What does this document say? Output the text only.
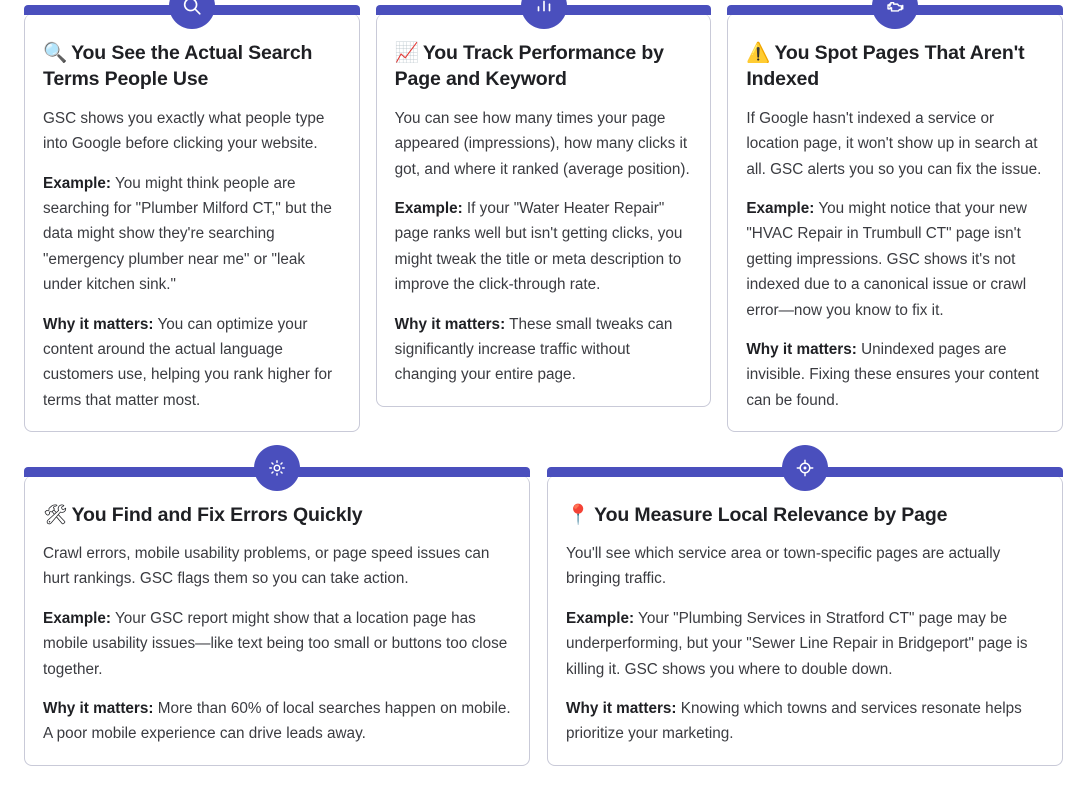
🔍 You See the Actual Search Terms People Use

GSC shows you exactly what people type into Google before clicking your website.

Example: You might think people are searching for "Plumber Milford CT," but the data might show they're searching "emergency plumber near me" or "leak under kitchen sink."

Why it matters: You can optimize your content around the actual language customers use, helping you rank higher for terms that matter most.

📈 You Track Performance by Page and Keyword

You can see how many times your page appeared (impressions), how many clicks it got, and where it ranked (average position).

Example: If your "Water Heater Repair" page ranks well but isn't getting clicks, you might tweak the title or meta description to improve the click-through rate.

Why it matters: These small tweaks can significantly increase traffic without changing your entire page.

⚠️ You Spot Pages That Aren't Indexed

If Google hasn't indexed a service or location page, it won't show up in search at all. GSC alerts you so you can fix the issue.

Example: You might notice that your new "HVAC Repair in Trumbull CT" page isn't getting impressions. GSC shows it's not indexed due to a canonical issue or crawl error—now you know to fix it.

Why it matters: Unindexed pages are invisible. Fixing these ensures your content can be found.

🛠 You Find and Fix Errors Quickly

Crawl errors, mobile usability problems, or page speed issues can hurt rankings. GSC flags them so you can take action.

Example: Your GSC report might show that a location page has mobile usability issues—like text being too small or buttons too close together.

Why it matters: More than 60% of local searches happen on mobile. A poor mobile experience can drive leads away.

📍 You Measure Local Relevance by Page

You'll see which service area or town-specific pages are actually bringing traffic.

Example: Your "Plumbing Services in Stratford CT" page may be underperforming, but your "Sewer Line Repair in Bridgeport" page is killing it. GSC shows you where to double down.

Why it matters: Knowing which towns and services resonate helps prioritize your marketing.
